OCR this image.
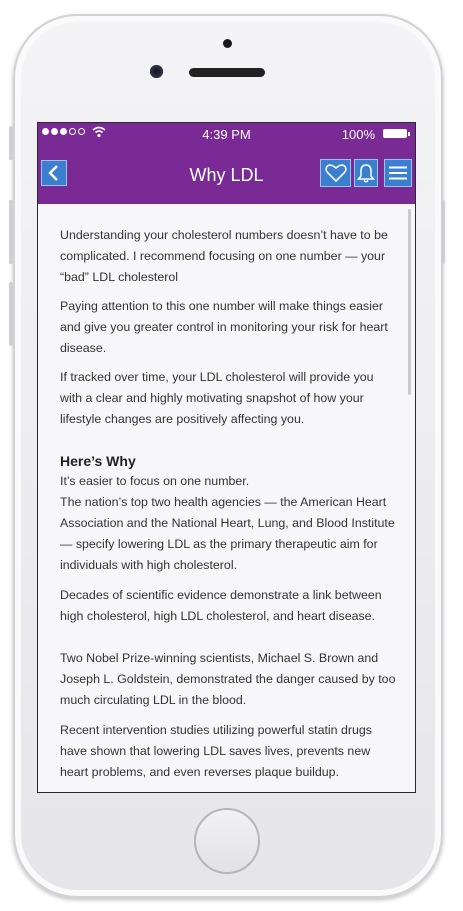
4:39 PM	100%
Why LDL

Understanding your cholesterol numbers doesn’t have to be complicated. I recommend focusing on one number — your “bad” LDL cholesterol

Paying attention to this one number will make things easier and give you greater control in monitoring your risk for heart disease.

If tracked over time, your LDL cholesterol will provide you with a clear and highly motivating snapshot of how your lifestyle changes are positively affecting you.

Here’s Why

It’s easier to focus on one number.

The nation’s top two health agencies — the American Heart Association and the National Heart, Lung, and Blood Institute — specify lowering LDL as the primary therapeutic aim for individuals with high cholesterol.

Decades of scientific evidence demonstrate a link between high cholesterol, high LDL cholesterol, and heart disease.

Two Nobel Prize-winning scientists, Michael S. Brown and Joseph L. Goldstein, demonstrated the danger caused by too much circulating LDL in the blood.

Recent intervention studies utilizing powerful statin drugs have shown that lowering LDL saves lives, prevents new heart problems, and even reverses plaque buildup.
